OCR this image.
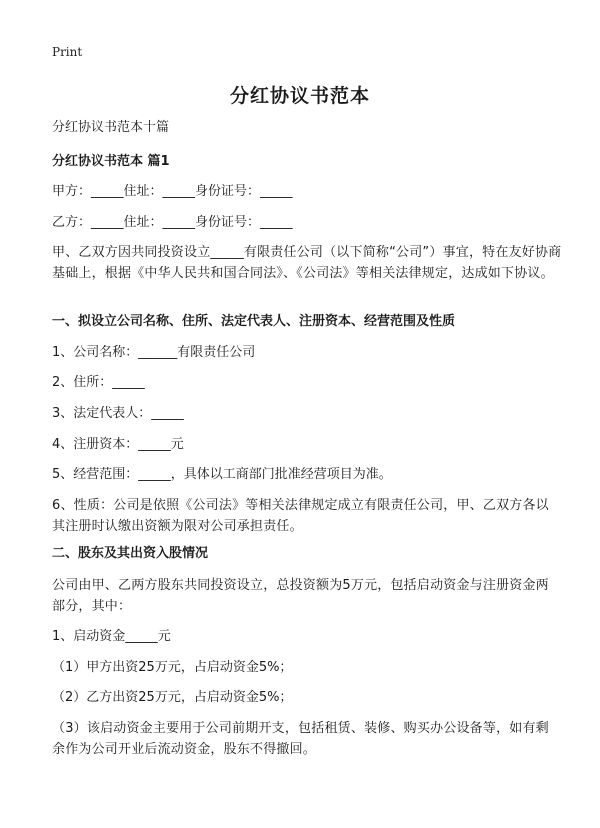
Print
分红协议书范本
分红协议书范本十篇
分红协议书范本 篇1
甲方：_____住址：_____身份证号：_____
乙方：_____住址：_____身份证号：_____
甲、乙双方因共同投资设立_____有限责任公司（以下简称“公司”）事宜，特在友好协商基础上，根据《中华人民共和国合同法》、《公司法》等相关法律规定，达成如下协议。
一、拟设立公司名称、住所、法定代表人、注册资本、经营范围及性质
1、公司名称：______有限责任公司
2、住所：_____
3、法定代表人：_____
4、注册资本：_____元
5、经营范围：_____，具体以工商部门批准经营项目为准。
6、性质：公司是依照《公司法》等相关法律规定成立有限责任公司，甲、乙双方各以其注册时认缴出资额为限对公司承担责任。
二、股东及其出资入股情况
公司由甲、乙两方股东共同投资设立，总投资额为5万元，包括启动资金与注册资金两部分，其中：
1、启动资金_____元
（1）甲方出资25万元，占启动资金5%；
（2）乙方出资25万元，占启动资金5%；
（3）该启动资金主要用于公司前期开支，包括租赁、装修、购买办公设备等，如有剩余作为公司开业后流动资金，股东不得撤回。
